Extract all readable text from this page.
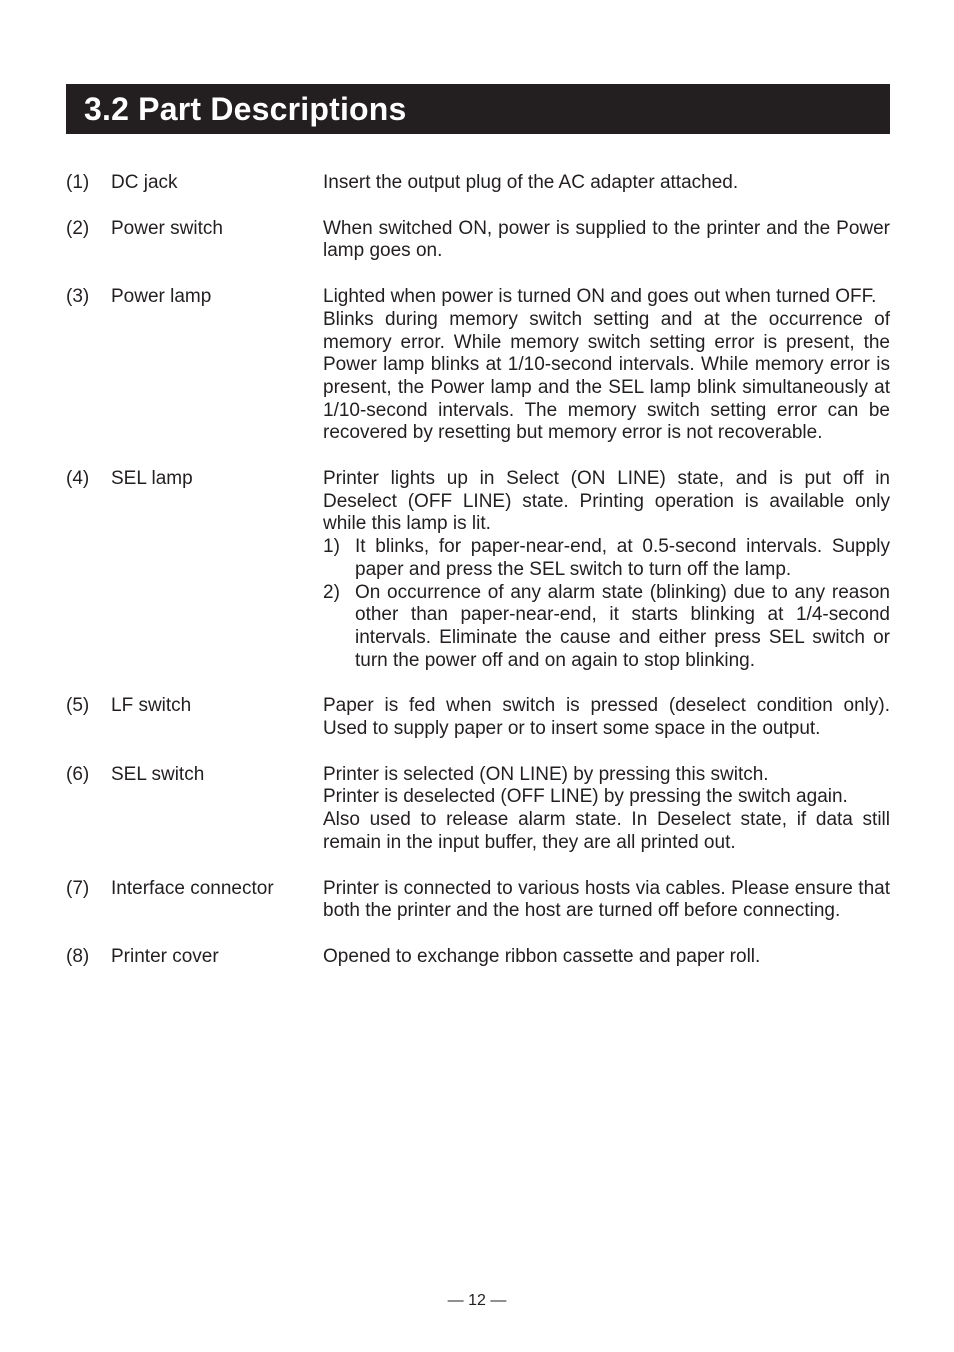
3.2 Part Descriptions
(1) DC jack	Insert the output plug of the AC adapter attached.
(2) Power switch	When switched ON, power is supplied to the printer and the Power lamp goes on.
(3) Power lamp	Lighted when power is turned ON and goes out when turned OFF.
Blinks during memory switch setting and at the occurrence of memory error. While memory switch setting error is present, the Power lamp blinks at 1/10-second intervals. While memory error is present, the Power lamp and the SEL lamp blink simultaneously at 1/10-second intervals. The memory switch setting error can be recovered by resetting but memory error is not recoverable.
(4) SEL lamp	Printer lights up in Select (ON LINE) state, and is put off in Deselect (OFF LINE) state. Printing operation is available only while this lamp is lit.
1) It blinks, for paper-near-end, at 0.5-second intervals. Supply paper and press the SEL switch to turn off the lamp.
2) On occurrence of any alarm state (blinking) due to any reason other than paper-near-end, it starts blinking at 1/4-second intervals. Eliminate the cause and either press SEL switch or turn the power off and on again to stop blinking.
(5) LF switch	Paper is fed when switch is pressed (deselect condition only). Used to supply paper or to insert some space in the output.
(6) SEL switch	Printer is selected (ON LINE) by pressing this switch.
Printer is deselected (OFF LINE) by pressing the switch again.
Also used to release alarm state. In Deselect state, if data still remain in the input buffer, they are all printed out.
(7) Interface connector	Printer is connected to various hosts via cables. Please ensure that both the printer and the host are turned off before connecting.
(8) Printer cover	Opened to exchange ribbon cassette and paper roll.
— 12 —
